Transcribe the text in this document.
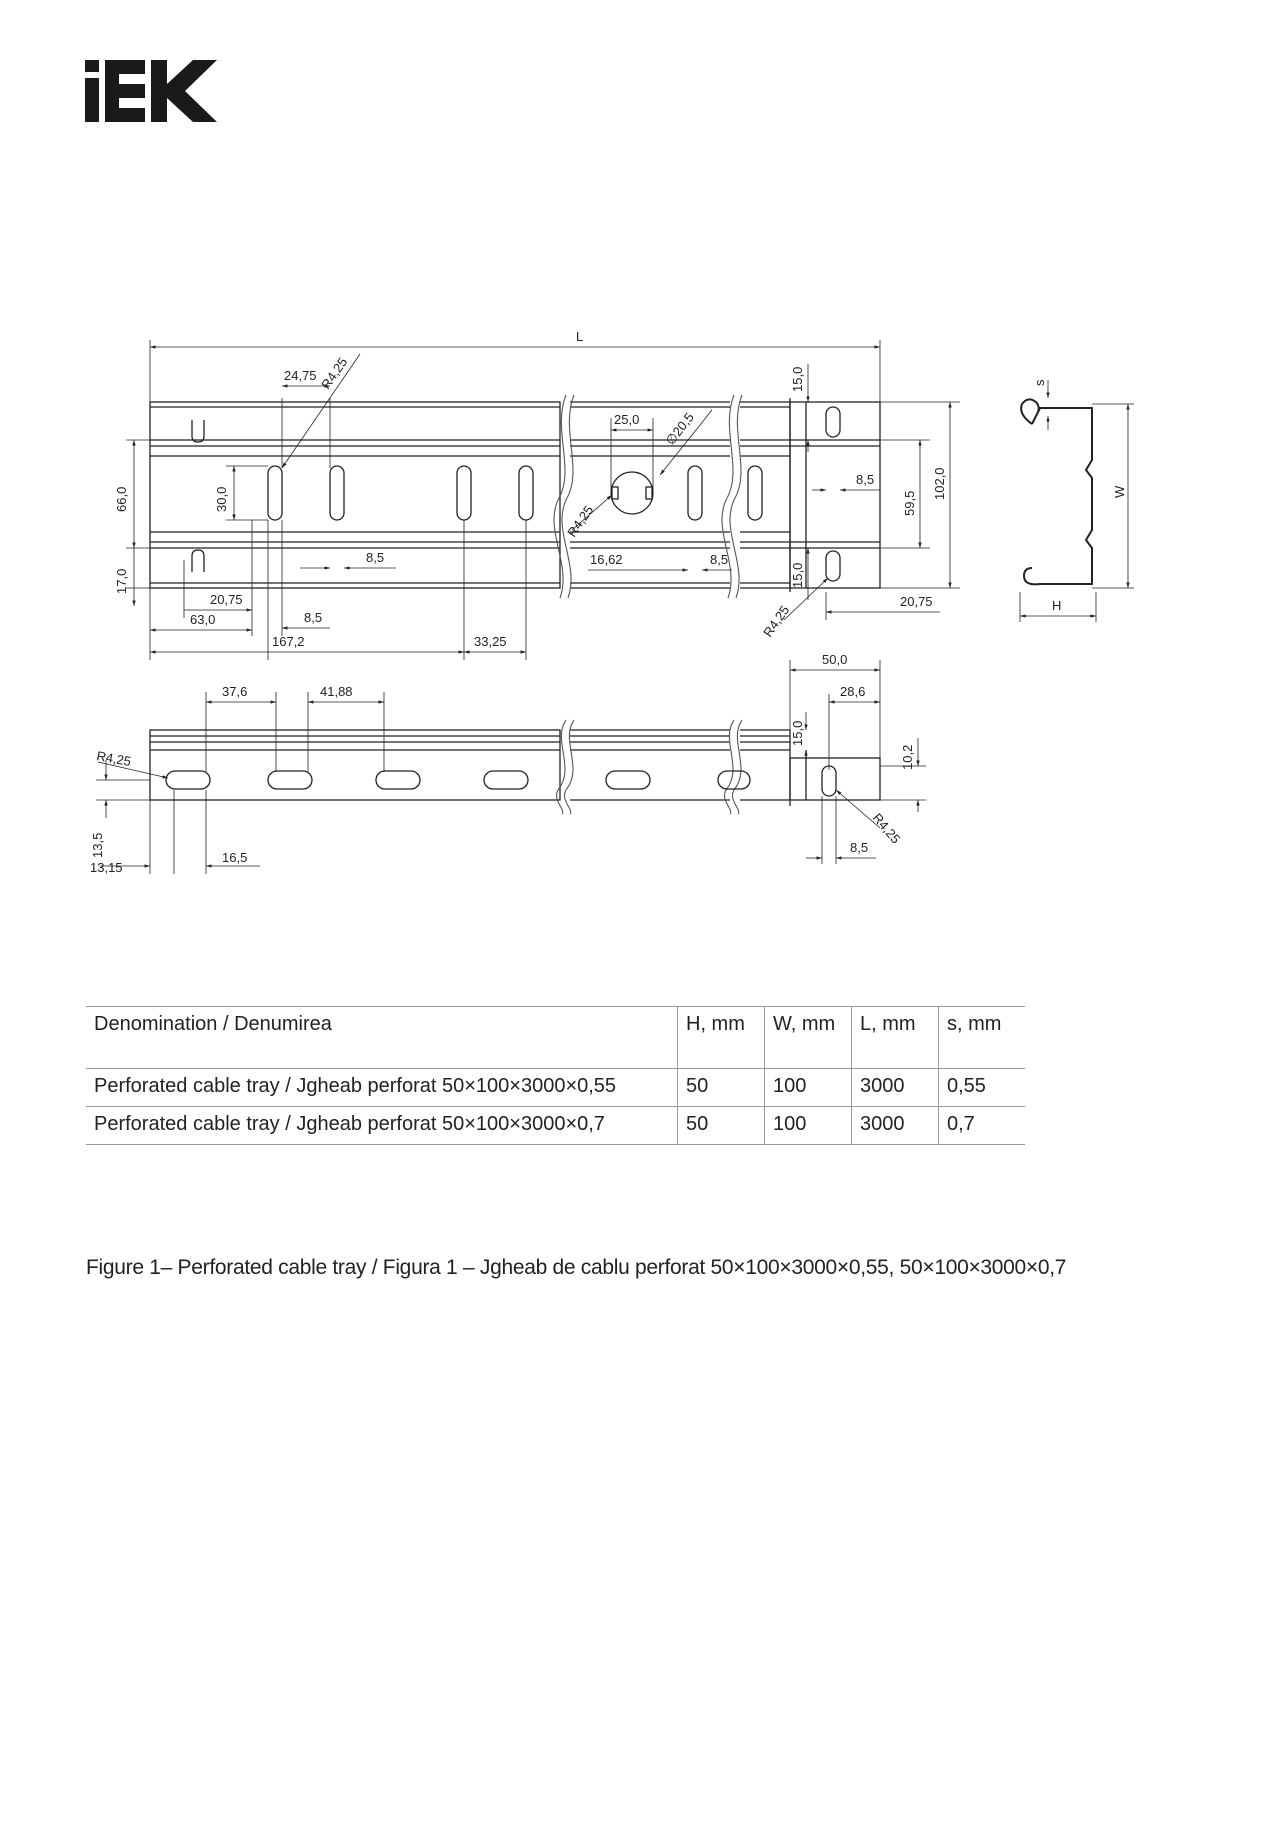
L
24,75 R4,25
25,0 ∅20,5
15,0
8,5
59,5
102,0
66,0	30,0
17,0
R4,25
8,5	16,62	8,5
15,0
R4,25
20,75
20,75
8,5
63,0
167,2	33,25
s
W
H
50,0
28,6
37,6	41,88
R4,25
15,0
10,2
R4,25
13,5
13,15
16,5
8,5
Denomination / Denumirea	H, mm	W, mm	L, mm	s, mm
Perforated cable tray / Jgheab perforat 50×100×3000×0,55	50	100	3000	0,55
Perforated cable tray / Jgheab perforat 50×100×3000×0,7	50	100	3000	0,7
Figure 1– Perforated cable tray / Figura 1 – Jgheab de cablu perforat 50×100×3000×0,55, 50×100×3000×0,7
